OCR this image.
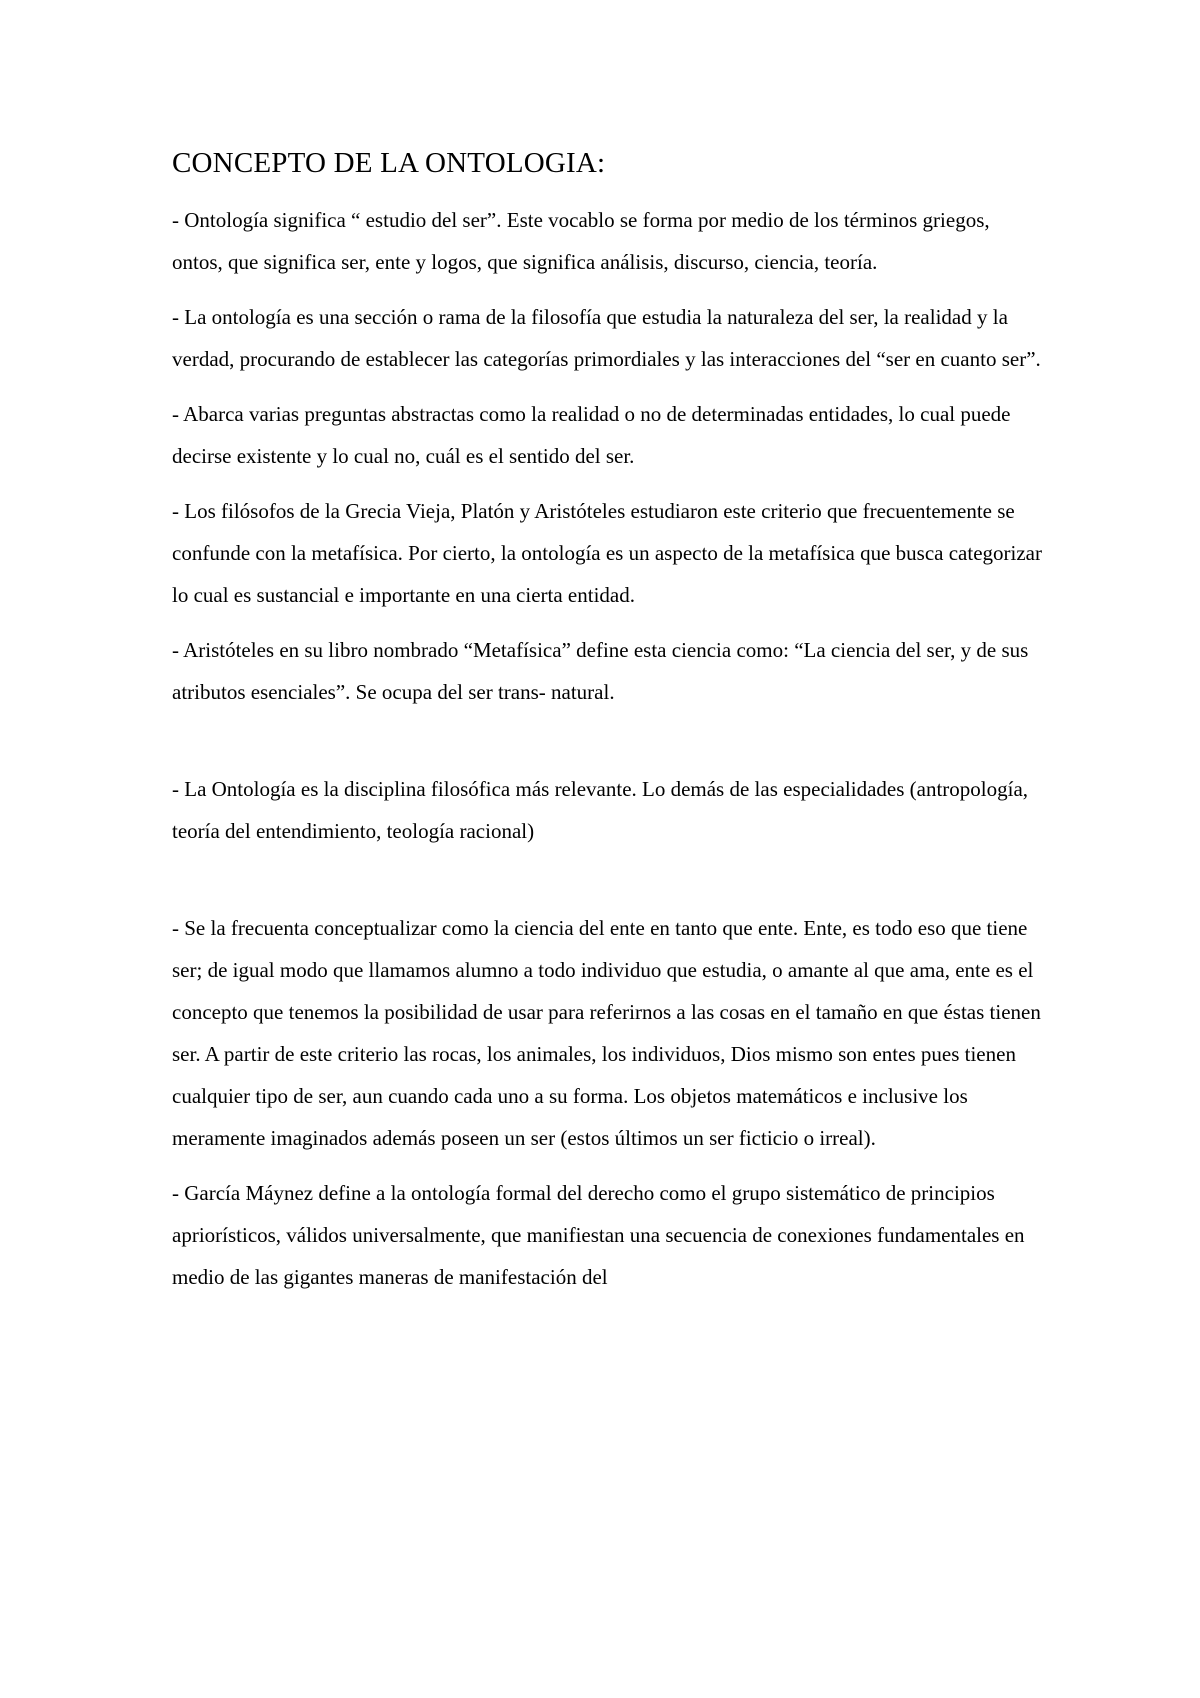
CONCEPTO DE LA ONTOLOGIA:

- Ontología significa “ estudio del ser”. Este vocablo se forma por medio de los términos griegos, ontos, que significa ser, ente y logos, que significa análisis, discurso, ciencia, teoría.

- La ontología es una sección o rama de la filosofía que estudia la naturaleza del ser, la realidad y la verdad, procurando de establecer las categorías primordiales y las interacciones del “ser en cuanto ser”.

- Abarca varias preguntas abstractas como la realidad o no de determinadas entidades, lo cual puede decirse existente y lo cual no, cuál es el sentido del ser.

- Los filósofos de la Grecia Vieja, Platón y Aristóteles estudiaron este criterio que frecuentemente se confunde con la metafísica. Por cierto, la ontología es un aspecto de la metafísica que busca categorizar lo cual es sustancial e importante en una cierta entidad.

- Aristóteles en su libro nombrado “Metafísica” define esta ciencia como: “La ciencia del ser, y de sus atributos esenciales”. Se ocupa del ser trans- natural.

- La Ontología es la disciplina filosófica más relevante. Lo demás de las especialidades (antropología, teoría del entendimiento, teología racional)

- Se la frecuenta conceptualizar como la ciencia del ente en tanto que ente. Ente, es todo eso que tiene ser; de igual modo que llamamos alumno a todo individuo que estudia, o amante al que ama, ente es el concepto que tenemos la posibilidad de usar para referirnos a las cosas en el tamaño en que éstas tienen ser. A partir de este criterio las rocas, los animales, los individuos, Dios mismo son entes pues tienen cualquier tipo de ser, aun cuando cada uno a su forma. Los objetos matemáticos e inclusive los meramente imaginados además poseen un ser (estos últimos un ser ficticio o irreal).

- García Máynez define a la ontología formal del derecho como el grupo sistemático de principios apriorísticos, válidos universalmente, que manifiestan una secuencia de conexiones fundamentales en medio de las gigantes maneras de manifestación del
